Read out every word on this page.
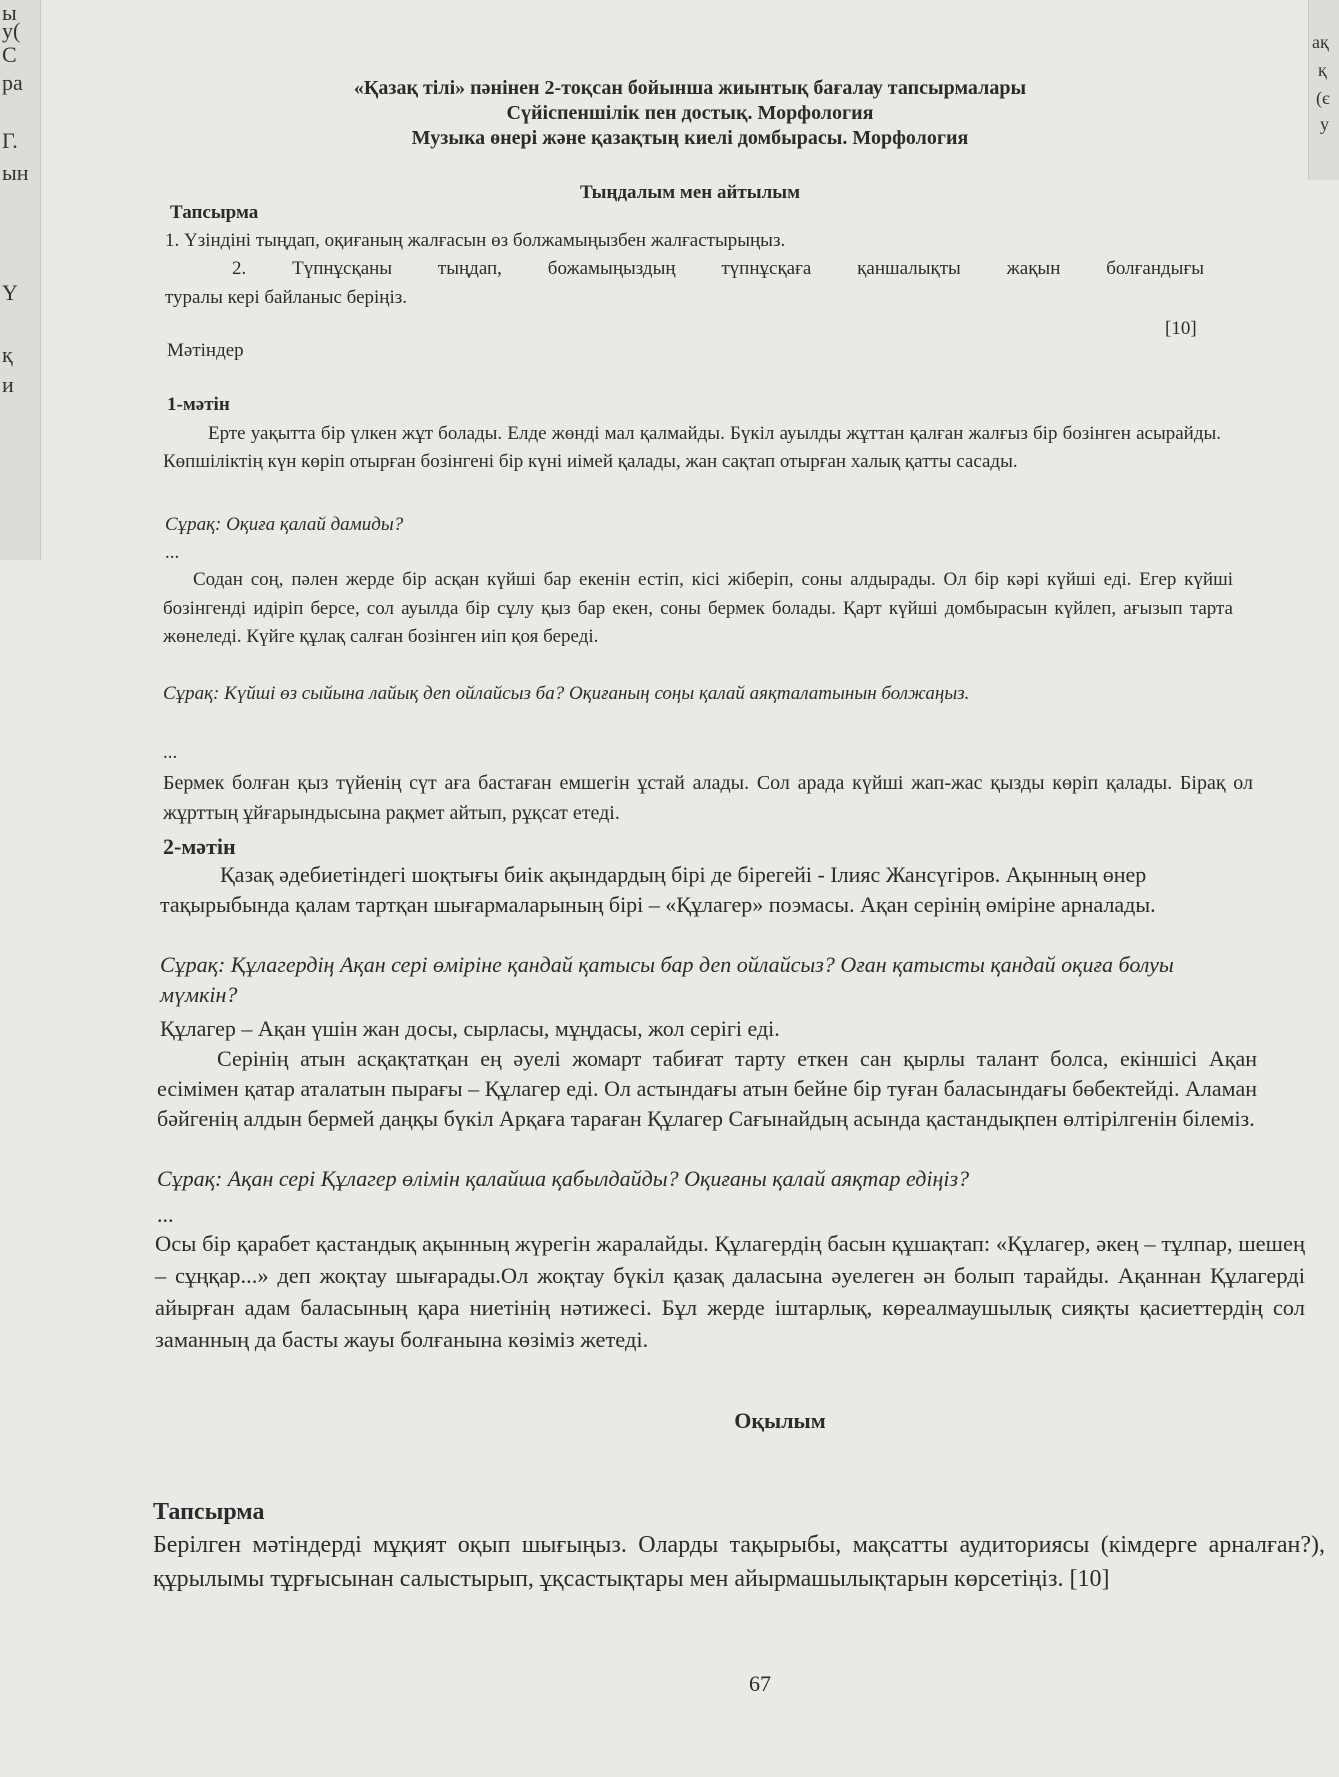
ы
у(
С
ра
Г.
ын
Ү
қ
и
ақ
қ
(є
у
«Қазақ тілі» пәнінен 2-тоқсан бойынша жиынтық бағалау тапсырмалары
Сүйіспеншілік пен достық. Морфология
Музыка өнері және қазақтың киелі домбырасы. Морфология
Тыңдалым мен айтылым
Тапсырма
1. Үзіндіні тыңдап, оқиғаның жалғасын өз болжамыңызбен жалғастырыңыз.
2. Түпнұсқаны тыңдап, божамыңыздың түпнұсқаға қаншалықты жақын болғандығы
туралы кері байланыс беріңіз.
[10]
Мәтіндер
1-мәтін
Ерте уақытта бір үлкен жұт болады. Елде жөнді мал қалмайды. Бүкіл ауылды жұттан қалған жалғыз бір бозінген асырайды. Көпшіліктің күн көріп отырған бозінгені бір күні иімей қалады, жан сақтап отырған халық қатты сасады.
Сұрақ: Оқиға қалай дамиды?
...
Содан соң, пәлен жерде бір асқан күйші бар екенін естіп, кісі жіберіп, соны алдырады. Ол бір кәрі күйші еді. Егер күйші бозінгенді идіріп берсе, сол ауылда бір сұлу қыз бар екен, соны бермек болады. Қарт күйші домбырасын күйлеп, ағызып тарта жөнеледі. Күйге құлақ салған бозінген иіп қоя береді.
Сұрақ: Күйші өз сыйына лайық деп ойлайсыз ба? Оқиғаның соңы қалай аяқталатынын болжаңыз.
...
Бермек болған қыз түйенің сүт аға бастаған емшегін ұстай алады. Сол арада күйші жап-жас қызды көріп қалады. Бірақ ол жұрттың ұйғарындысына рақмет айтып, рұқсат етеді.
2-мәтін
Қазақ әдебиетіндегі шоқтығы биік ақындардың бірі де бірегейі - Ілияс Жансүгіров. Ақынның өнер тақырыбында қалам тартқан шығармаларының бірі – «Құлагер» поэмасы. Ақан серінің өміріне арналады.
Сұрақ: Құлагердің Ақан сері өміріне қандай қатысы бар деп ойлайсыз? Оған қатысты қандай оқиға болуы мүмкін?
Құлагер – Ақан үшін жан досы, сырласы, мұңдасы, жол серігі еді.
Серінің атын асқақтатқан ең әуелі жомарт табиғат тарту еткен сан қырлы талант болса, екіншісі Ақан есімімен қатар аталатын пырағы – Құлагер еді. Ол астындағы атын бейне бір туған баласындағы бөбектейді. Аламан бәйгенің алдын бермей даңқы бүкіл Арқаға тараған Құлагер Сағынайдың асында қастандықпен өлтірілгенін білеміз.
Сұрақ: Ақан сері Құлагер өлімін қалайша қабылдайды? Оқиғаны қалай аяқтар едіңіз?
...
Осы бір қарабет қастандық ақынның жүрегін жаралайды. Құлагердің басын құшақтап: «Құлагер, әкең – тұлпар, шешең – сұңқар...» деп жоқтау шығарады.Ол жоқтау бүкіл қазақ даласына әуелеген ән болып тарайды. Ақаннан Құлагерді айырған адам баласының қара ниетінің нәтижесі. Бұл жерде іштарлық, көреалмаушылық сияқты қасиеттердің сол заманның да басты жауы болғанына көзіміз жетеді.
Оқылым
Тапсырма
Берілген мәтіндерді мұқият оқып шығыңыз. Оларды тақырыбы, мақсатты аудиториясы (кімдерге арналған?), құрылымы тұрғысынан салыстырып, ұқсастықтары мен айырмашылықтарын көрсетіңіз. [10]
67
